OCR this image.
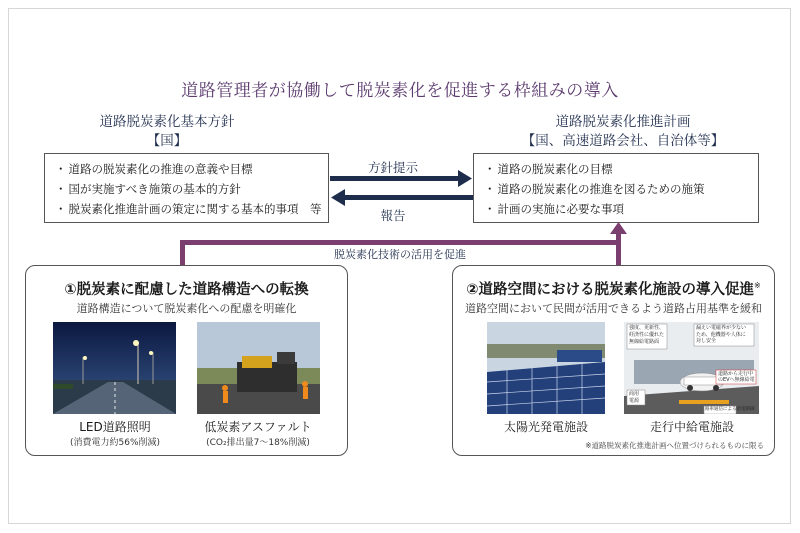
道路管理者が協働して脱炭素化を促進する枠組みの導入
道路脱炭素化基本方針
【国】
道路脱炭素化推進計画
【国、高速道路会社、自治体等】
・ 道路の脱炭素化の推進の意義や目標
・ 国が実施すべき施策の基本的方針
・ 脱炭素化推進計画の策定に関する基本的事項　等
・ 道路の脱炭素化の目標
・ 道路の脱炭素化の推進を図るための施策
・ 計画の実施に必要な事項
方針提示
報告
脱炭素化技術の活用を促進
①脱炭素に配慮した道路構造への転換
道路構造について脱炭素化への配慮を明確化
LED道路照明
(消費電力約56%削減)
低炭素アスファルト
(CO₂排出量7～18%削減)
②道路空間における脱炭素化施設の導入促進※
道路空間において民間が活用できるよう道路占用基準を緩和
強度、更新性、
経済性に優れた
無線給電路面
漏えい電磁界が少ない
ため、他機器や人体に
対し安全
道路から走行中
のEVへ無線給電
商用
電源
路車通信による給電制御
太陽光発電施設	走行中給電施設
※道路脱炭素化推進計画へ位置づけられるものに限る
